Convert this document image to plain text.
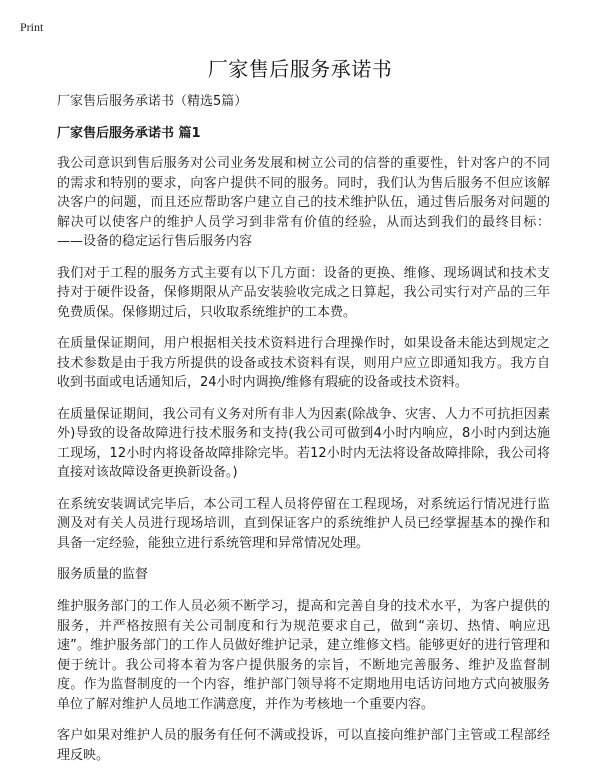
Print
厂家售后服务承诺书

厂家售后服务承诺书（精选5篇）

厂家售后服务承诺书 篇1

我公司意识到售后服务对公司业务发展和树立公司的信誉的重要性，针对客户的不同的需求和特别的要求，向客户提供不同的服务。同时，我们认为售后服务不但应该解决客户的问题，而且还应帮助客户建立自己的技术维护队伍，通过售后服务对问题的解决可以使客户的维护人员学习到非常有价值的经验，从而达到我们的最终目标：——设备的稳定运行售后服务内容

我们对于工程的服务方式主要有以下几方面：设备的更换、维修、现场调试和技术支持对于硬件设备，保修期限从产品安装验收完成之日算起，我公司实行对产品的三年免费质保。保修期过后，只收取系统维护的工本费。

在质量保证期间，用户根据相关技术资料进行合理操作时，如果设备未能达到规定之技术参数是由于我方所提供的设备或技术资料有误，则用户应立即通知我方。我方自收到书面或电话通知后，24小时内调换/维修有瑕疵的设备或技术资料。

在质量保证期间，我公司有义务对所有非人为因素(除战争、灾害、人力不可抗拒因素外)导致的设备故障进行技术服务和支持(我公司可做到4小时内响应，8小时内到达施工现场，12小时内将设备故障排除完毕。若12小时内无法将设备故障排除，我公司将直接对该故障设备更换新设备。)

在系统安装调试完毕后，本公司工程人员将停留在工程现场，对系统运行情况进行监测及对有关人员进行现场培训，直到保证客户的系统维护人员已经掌握基本的操作和具备一定经验，能独立进行系统管理和异常情况处理。

服务质量的监督

维护服务部门的工作人员必须不断学习，提高和完善自身的技术水平，为客户提供的服务，并严格按照有关公司制度和行为规范要求自己，做到“亲切、热情、响应迅速”。维护服务部门的工作人员做好维护记录，建立维修文档。能够更好的进行管理和便于统计。我公司将本着为客户提供服务的宗旨，不断地完善服务、维护及监督制度。作为监督制度的一个内容，维护部门领导将不定期地用电话访问地方式向被服务单位了解对维护人员地工作满意度，并作为考核地一个重要内容。

客户如果对维护人员的服务有任何不满或投诉，可以直接向维护部门主管或工程部经理反映。
